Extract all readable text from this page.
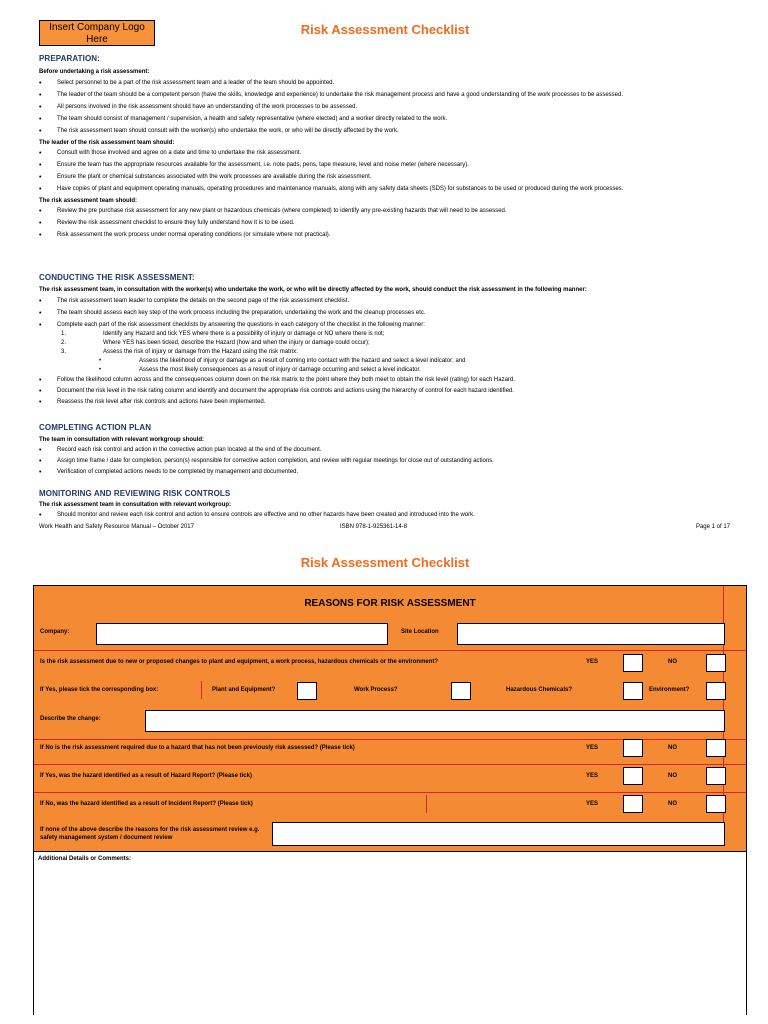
Insert Company Logo Here
Risk Assessment Checklist
PREPARATION:
Before undertaking a risk assessment:
• Select personnel to be a part of the risk assessment team and a leader of the team should be appointed.
• The leader of the team should be a competent person (have the skills, knowledge and experience) to undertake the risk management process and have a good understanding of the work processes to be assessed.
• All persons involved in the risk assessment should have an understanding of the work processes to be assessed.
• The team should consist of management / supervision, a health and safety representative (where elected) and a worker directly related to the work.
• The risk assessment team should consult with the worker(s) who undertake the work, or who will be directly affected by the work.
The leader of the risk assessment team should:
• Consult with those involved and agree on a date and time to undertake the risk assessment.
• Ensure the team has the appropriate resources available for the assessment, i.e. note pads, pens, tape measure, level and noise meter (where necessary).
• Ensure the plant or chemical substances associated with the work processes are available during the risk assessment.
• Have copies of plant and equipment operating manuals, operating procedures and maintenance manuals, along with any safety data sheets (SDS) for substances to be used or produced during the work processes.
The risk assessment team should:
• Review the pre purchase risk assessment for any new plant or hazardous chemicals (where completed) to identify any pre-existing hazards that will need to be assessed.
• Review the risk assessment checklist to ensure they fully understand how it is to be used.
• Risk assessment the work process under normal operating conditions (or simulate where not practical).
CONDUCTING THE RISK ASSESSMENT:
The risk assessment team, in consultation with the worker(s) who undertake the work, or who will be directly affected by the work, should conduct the risk assessment in the following manner:
• The risk assessment team leader to complete the details on the second page of the risk assessment checklist.
• The team should assess each key step of the work process including the preparation, undertaking the work and the cleanup processes etc.
• Complete each part of the risk assessment checklists by answering the questions in each category of the checklist in the following manner:
1.	Identify any Hazard and tick YES where there is a possibility of injury or damage or NO where there is not;
2.	Where YES has been ticked, describe the Hazard (how and when the injury or damage could occur);
3.	Assess the risk of injury or damage from the Hazard using the risk matrix:
• Assess the likelihood of injury or damage as a result of coming into contact with the hazard and select a level indicator; and
• Assess the most likely consequences as a result of injury or damage occurring and select a level indicator.
• Follow the likelihood column across and the consequences column down on the risk matrix to the point where they both meet to obtain the risk level (rating) for each Hazard.
• Document the risk level in the risk rating column and identify and document the appropriate risk controls and actions using the hierarchy of control for each hazard identified.
• Reassess the risk level after risk controls and actions have been implemented.
COMPLETING ACTION PLAN
The team in consultation with relevant workgroup should:
• Record each risk control and action in the corrective action plan located at the end of the document.
• Assign time frame / date for completion, person(s) responsible for corrective action completion, and review with regular meetings for close out of outstanding actions.
• Verification of completed actions needs to be completed by management and documented.
MONITORING AND REVIEWING RISK CONTROLS
The risk assessment team in consultation with relevant workgroup:
• Should monitor and review each risk control and action to ensure controls are effective and no other hazards have been created and introduced into the work.
Work Health and Safety Resource Manual – October 2017	ISBN 978-1-925361-14-8	Page 1 of 17
Risk Assessment Checklist
REASONS FOR RISK ASSESSMENT
Company:	Site Location
Is the risk assessment due to new or proposed changes to plant and equipment, a work process, hazardous chemicals or the environment?	YES	NO
If Yes, please tick the corresponding box:	Plant and Equipment?	Work Process?	Hazardous Chemicals?	Environment?
Describe the change:
If No is the risk assessment required due to a hazard that has not been previously risk assessed? (Please tick)	YES	NO
If Yes, was the hazard identified as a result of Hazard Report? (Please tick)	YES	NO
If No, was the hazard identified as a result of Incident Report? (Please tick)	YES	NO
If none of the above describe the reasons for the risk assessment review e.g. safety management system / document review
Additional Details or Comments:
